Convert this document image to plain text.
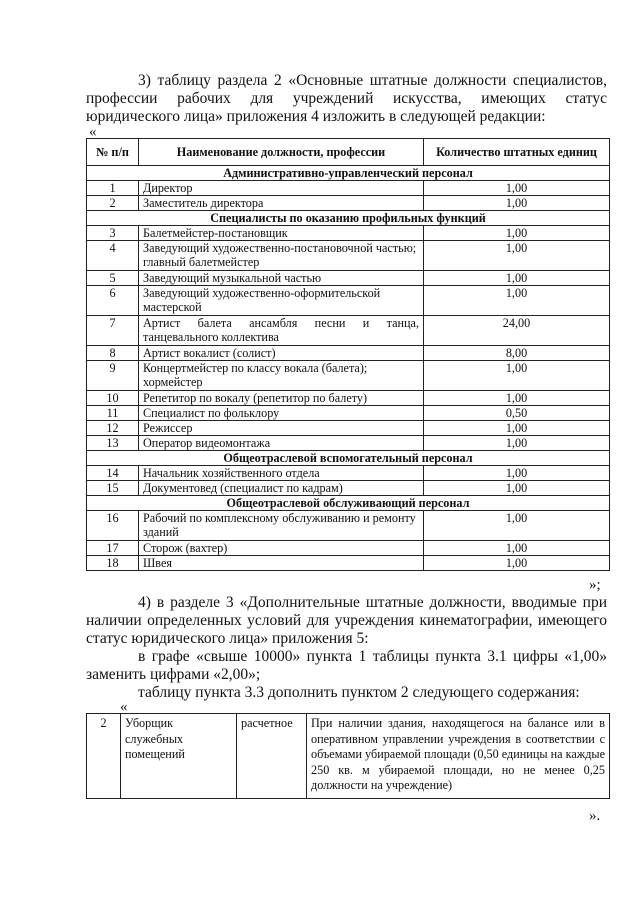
3) таблицу раздела 2 «Основные штатные должности специалистов,

профессии рабочих для учреждений искусства, имеющих статус

юридического лица» приложения 4 изложить в следующей редакции:

«
№ п/п	Наименование должности, профессии	Количество штатных единиц
Административно-управленческий персонал		
1	Директор	1,00
2	Заместитель директора	1,00
Специалисты по оказанию профильных функций		
3	Балетмейстер-постановщик	1,00
4	Заведующий художественно-постановочной частью; главный балетмейстер	1,00
5	Заведующий музыкальной частью	1,00
6	Заведующий художественно-оформительской мастерской	1,00
7	Артист балета ансамбля песни и танца, танцевального коллектива	24,00
8	Артист вокалист (солист)	8,00
9	Концертмейстер по классу вокала (балета); хормейстер	1,00
10	Репетитор по вокалу (репетитор по балету)	1,00
11	Специалист по фольклору	0,50
12	Режиссер	1,00
13	Оператор видеомонтажа	1,00
Общеотраслевой вспомогательный персонал		
14	Начальник хозяйственного отдела	1,00
15	Документовед (специалист по кадрам)	1,00
Общеотраслевой обслуживающий персонал		
16	Рабочий по комплексному обслуживанию и ремонту зданий	1,00
17	Сторож (вахтер)	1,00
18	Швея	1,00
»;

4) в разделе 3 «Дополнительные штатные должности, вводимые при

наличии определенных условий для учреждения кинематографии, имеющего

статус юридического лица» приложения 5:

в графе «свыше 10000» пункта 1 таблицы пункта 3.1 цифры «1,00»

заменить цифрами «2,00»;

таблицу пункта 3.3 дополнить пунктом 2 следующего содержания:

«
2	Уборщик служебных помещений	расчетное	При наличии здания, находящегося на балансе или в оперативном управлении учреждения в соответствии с объемами убираемой площади (0,50 единицы на каждые 250 кв. м убираемой площади, но не менее 0,25 должности на учреждение)
».
